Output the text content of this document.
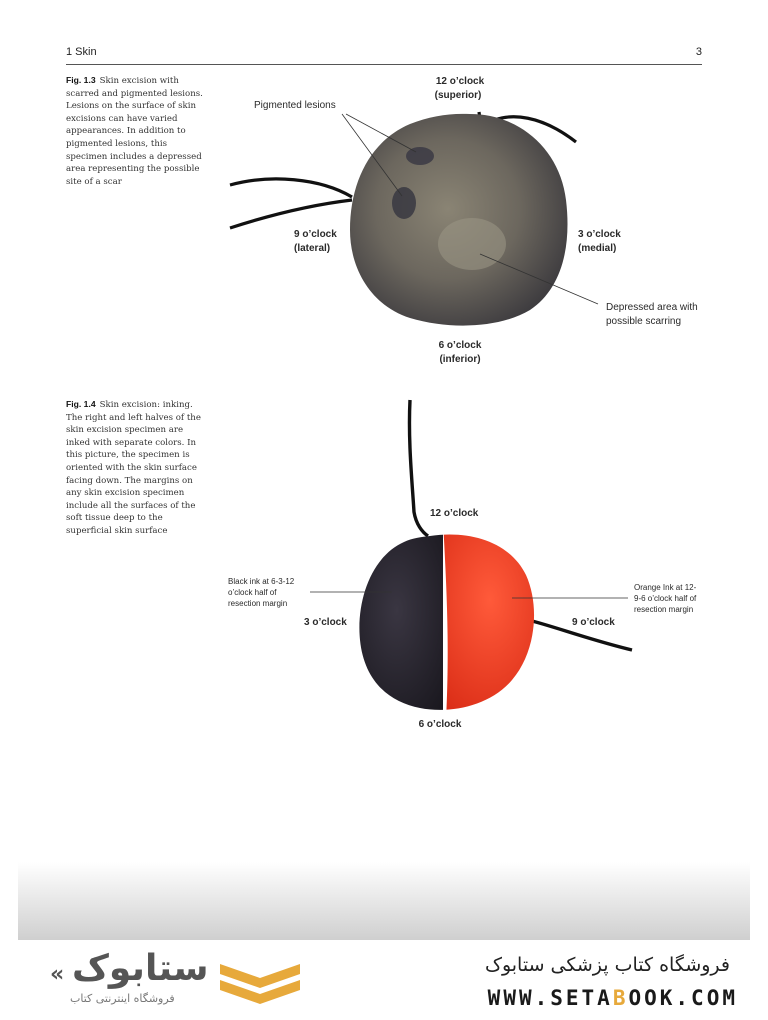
1 Skin	3
Fig. 1.3 Skin excision with scarred and pigmented lesions. Lesions on the surface of skin excisions can have varied appearances. In addition to pigmented lesions, this specimen includes a depressed area representing the possible site of a scar
Fig. 1.4 Skin excision: inking. The right and left halves of the skin excision specimen are inked with separate colors. In this picture, the specimen is oriented with the skin surface facing down. The margins on any skin excision specimen include all the surfaces of the soft tissue deep to the superficial skin surface
Pigmented lesions
12 o’clock
(superior)
9 o’clock
(lateral)
3 o’clock
(medial)
6 o’clock
(inferior)
Depressed area with
possible scarring
12 o’clock
3 o’clock	9 o’clock
6 o’clock
Black ink at 6-3-12
o’clock half of
resection margin
Orange Ink at 12-
9-6 o’clock half of
resection margin
« ستابوک
فروشگاه اینترنتی کتاب
فروشگاه کتاب پزشکی ستابوک
WWW.SETABOOK.COM
